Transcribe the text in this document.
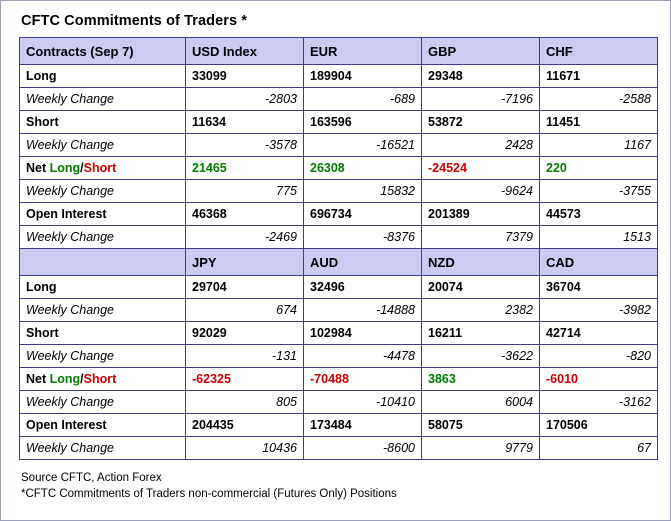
CFTC Commitments of Traders *
Contracts (Sep 7)	USD Index	EUR	GBP	CHF
Long	33099	189904	29348	11671
Weekly Change	-2803	-689	-7196	-2588
Short	11634	163596	53872	11451
Weekly Change	-3578	-16521	2428	1167
Net Long/Short	21465	26308	-24524	220
Weekly Change	775	15832	-9624	-3755
Open Interest	46368	696734	201389	44573
Weekly Change	-2469	-8376	7379	1513
	JPY	AUD	NZD	CAD
Long	29704	32496	20074	36704
Weekly Change	674	-14888	2382	-3982
Short	92029	102984	16211	42714
Weekly Change	-131	-4478	-3622	-820
Net Long/Short	-62325	-70488	3863	-6010
Weekly Change	805	-10410	6004	-3162
Open Interest	204435	173484	58075	170506
Weekly Change	10436	-8600	9779	67
Source CFTC, Action Forex
*CFTC Commitments of Traders non-commercial (Futures Only) Positions
